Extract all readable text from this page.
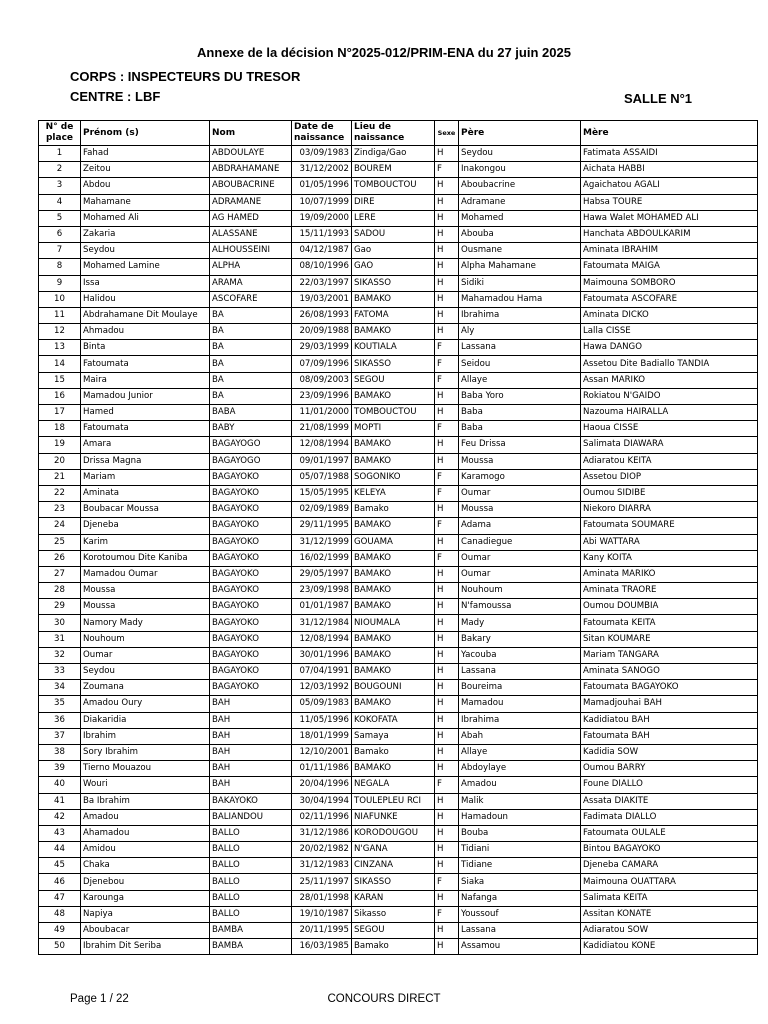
Annexe de la décision N°2025-012/PRIM-ENA du 27 juin 2025
CORPS : INSPECTEURS DU TRESOR
CENTRE : LBF	SALLE N°1
N° de place	Prénom (s)	Nom	Date de naissance	Lieu de naissance	Sexe	Père	Mère
1	Fahad	ABDOULAYE	03/09/1983	Zindiga/Gao	H	Seydou	Fatimata ASSAIDI
2	Zeitou	ABDRAHAMANE	31/12/2002	BOUREM	F	Inakongou	Aichata HABBI
3	Abdou	ABOUBACRINE	01/05/1996	TOMBOUCTOU	H	Aboubacrine	Agaichatou AGALI
4	Mahamane	ADRAMANE	10/07/1999	DIRE	H	Adramane	Habsa TOURE
5	Mohamed Ali	AG HAMED	19/09/2000	LERE	H	Mohamed	Hawa Walet MOHAMED ALI
6	Zakaria	ALASSANE	15/11/1993	SADOU	H	Abouba	Hanchata ABDOULKARIM
7	Seydou	ALHOUSSEINI	04/12/1987	Gao	H	Ousmane	Aminata IBRAHIM
8	Mohamed Lamine	ALPHA	08/10/1996	GAO	H	Alpha Mahamane	Fatoumata MAIGA
9	Issa	ARAMA	22/03/1997	SIKASSO	H	Sidiki	Maimouna SOMBORO
10	Halidou	ASCOFARE	19/03/2001	BAMAKO	H	Mahamadou Hama	Fatoumata ASCOFARE
11	Abdrahamane Dit Moulaye	BA	26/08/1993	FATOMA	H	Ibrahima	Aminata DICKO
12	Ahmadou	BA	20/09/1988	BAMAKO	H	Aly	Lalla CISSE
13	Binta	BA	29/03/1999	KOUTIALA	F	Lassana	Hawa DANGO
14	Fatoumata	BA	07/09/1996	SIKASSO	F	Seidou	Assetou Dite Badiallo TANDIA
15	Maira	BA	08/09/2003	SEGOU	F	Allaye	Assan MARIKO
16	Mamadou Junior	BA	23/09/1996	BAMAKO	H	Baba Yoro	Rokiatou N'GAIDO
17	Hamed	BABA	11/01/2000	TOMBOUCTOU	H	Baba	Nazouma HAIRALLA
18	Fatoumata	BABY	21/08/1999	MOPTI	F	Baba	Haoua CISSE
19	Amara	BAGAYOGO	12/08/1994	BAMAKO	H	Feu Drissa	Salimata DIAWARA
20	Drissa Magna	BAGAYOGO	09/01/1997	BAMAKO	H	Moussa	Adiaratou KEITA
21	Mariam	BAGAYOKO	05/07/1988	SOGONIKO	F	Karamogo	Assetou DIOP
22	Aminata	BAGAYOKO	15/05/1995	KELEYA	F	Oumar	Oumou SIDIBE
23	Boubacar Moussa	BAGAYOKO	02/09/1989	Bamako	H	Moussa	Niekoro DIARRA
24	Djeneba	BAGAYOKO	29/11/1995	BAMAKO	F	Adama	Fatoumata SOUMARE
25	Karim	BAGAYOKO	31/12/1999	GOUAMA	H	Canadiegue	Abi WATTARA
26	Korotoumou Dite Kaniba	BAGAYOKO	16/02/1999	BAMAKO	F	Oumar	Kany KOITA
27	Mamadou Oumar	BAGAYOKO	29/05/1997	BAMAKO	H	Oumar	Aminata MARIKO
28	Moussa	BAGAYOKO	23/09/1998	BAMAKO	H	Nouhoum	Aminata TRAORE
29	Moussa	BAGAYOKO	01/01/1987	BAMAKO	H	N'famoussa	Oumou DOUMBIA
30	Namory Mady	BAGAYOKO	31/12/1984	NIOUMALA	H	Mady	Fatoumata KEITA
31	Nouhoum	BAGAYOKO	12/08/1994	BAMAKO	H	Bakary	Sitan KOUMARE
32	Oumar	BAGAYOKO	30/01/1996	BAMAKO	H	Yacouba	Mariam TANGARA
33	Seydou	BAGAYOKO	07/04/1991	BAMAKO	H	Lassana	Aminata SANOGO
34	Zoumana	BAGAYOKO	12/03/1992	BOUGOUNI	H	Boureima	Fatoumata BAGAYOKO
35	Amadou Oury	BAH	05/09/1983	BAMAKO	H	Mamadou	Mamadjouhai BAH
36	Diakaridia	BAH	11/05/1996	KOKOFATA	H	Ibrahima	Kadidiatou BAH
37	Ibrahim	BAH	18/01/1999	Samaya	H	Abah	Fatoumata BAH
38	Sory Ibrahim	BAH	12/10/2001	Bamako	H	Allaye	Kadidia SOW
39	Tierno Mouazou	BAH	01/11/1986	BAMAKO	H	Abdoylaye	Oumou BARRY
40	Wouri	BAH	20/04/1996	NEGALA	F	Amadou	Foune DIALLO
41	Ba Ibrahim	BAKAYOKO	30/04/1994	TOULEPLEU RCI	H	Malik	Assata DIAKITE
42	Amadou	BALIANDOU	02/11/1996	NIAFUNKE	H	Hamadoun	Fadimata DIALLO
43	Ahamadou	BALLO	31/12/1986	KORODOUGOU	H	Bouba	Fatoumata OULALE
44	Amidou	BALLO	20/02/1982	N'GANA	H	Tidiani	Bintou BAGAYOKO
45	Chaka	BALLO	31/12/1983	CINZANA	H	Tidiane	Djeneba CAMARA
46	Djenebou	BALLO	25/11/1997	SIKASSO	F	Siaka	Maimouna OUATTARA
47	Karounga	BALLO	28/01/1998	KARAN	H	Nafanga	Salimata KEITA
48	Napiya	BALLO	19/10/1987	Sikasso	F	Youssouf	Assitan KONATE
49	Aboubacar	BAMBA	20/11/1995	SEGOU	H	Lassana	Adiaratou SOW
50	Ibrahim Dit Seriba	BAMBA	16/03/1985	Bamako	H	Assamou	Kadidiatou KONE
Page 1 / 22	CONCOURS DIRECT
